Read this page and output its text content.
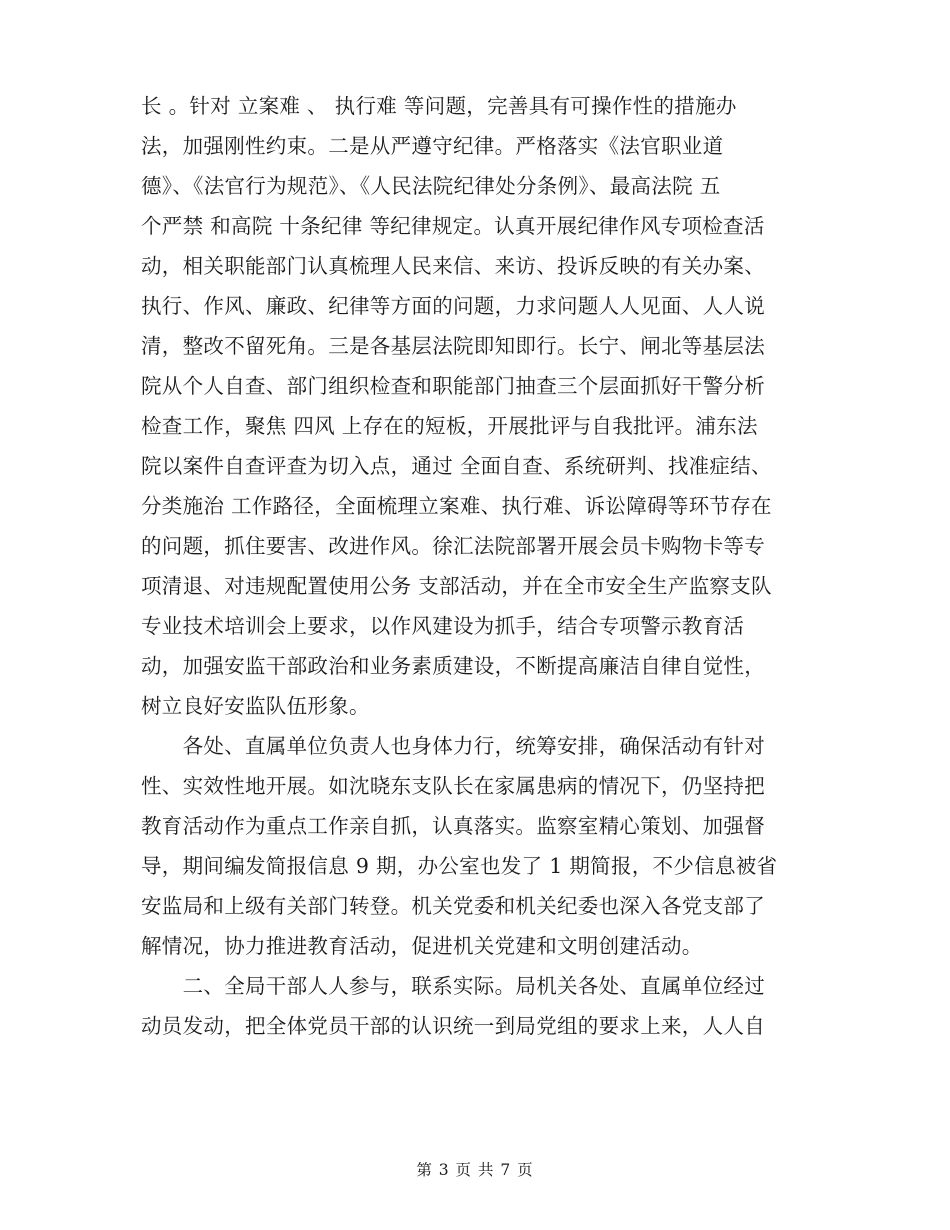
长 。针对 立案难 、 执行难 等问题，完善具有可操作性的措施办
法，加强刚性约束。二是从严遵守纪律。严格落实《法官职业道
德》、《法官行为规范》、《人民法院纪律处分条例》、最高法院 五
个严禁 和高院 十条纪律 等纪律规定。认真开展纪律作风专项检查活
动，相关职能部门认真梳理人民来信、来访、投诉反映的有关办案、
执行、作风、廉政、纪律等方面的问题，力求问题人人见面、人人说
清，整改不留死角。三是各基层法院即知即行。长宁、闸北等基层法
院从个人自查、部门组织检查和职能部门抽查三个层面抓好干警分析
检查工作，聚焦 四风 上存在的短板，开展批评与自我批评。浦东法
院以案件自查评查为切入点，通过 全面自查、系统研判、找准症结、
分类施治 工作路径，全面梳理立案难、执行难、诉讼障碍等环节存在
的问题，抓住要害、改进作风。徐汇法院部署开展会员卡购物卡等专
项清退、对违规配置使用公务 支部活动，并在全市安全生产监察支队
专业技术培训会上要求，以作风建设为抓手，结合专项警示教育活
动，加强安监干部政治和业务素质建设，不断提高廉洁自律自觉性，
树立良好安监队伍形象。
　　各处、直属单位负责人也身体力行，统筹安排，确保活动有针对
性、实效性地开展。如沈晓东支队长在家属患病的情况下，仍坚持把
教育活动作为重点工作亲自抓，认真落实。监察室精心策划、加强督
导，期间编发简报信息 9 期，办公室也发了 1 期简报，不少信息被省
安监局和上级有关部门转登。机关党委和机关纪委也深入各党支部了
解情况，协力推进教育活动，促进机关党建和文明创建活动。
　　二、全局干部人人参与，联系实际。局机关各处、直属单位经过
动员发动，把全体党员干部的认识统一到局党组的要求上来，人人自
第 3 页 共 7 页
